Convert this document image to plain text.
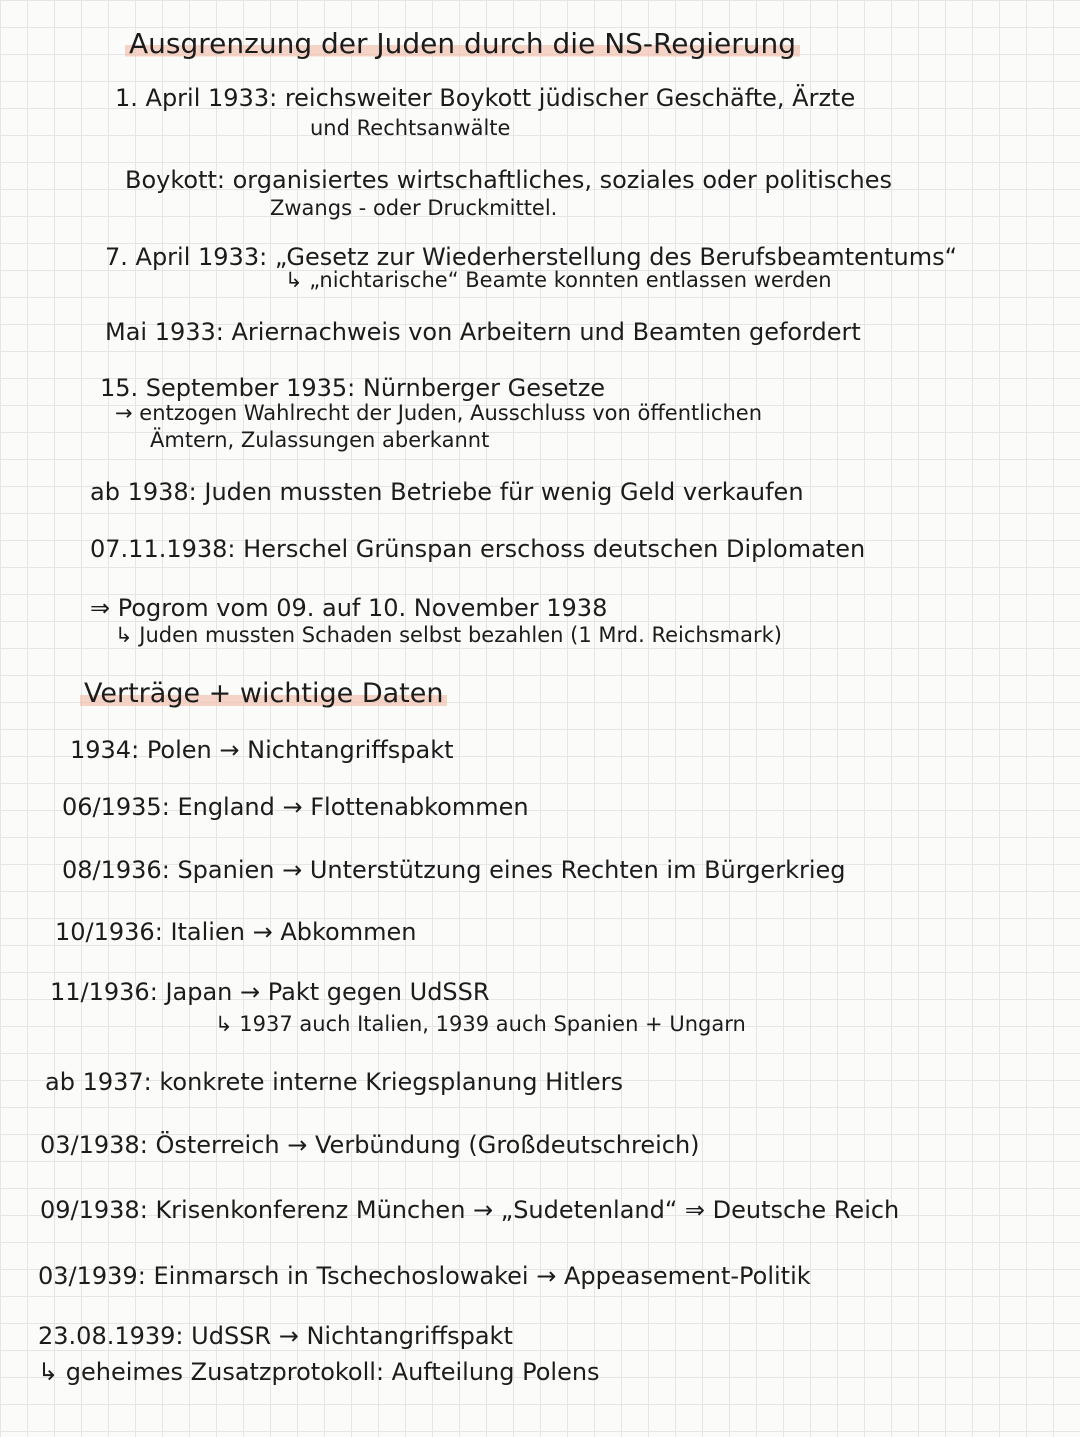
Ausgrenzung der Juden durch die NS-Regierung
1. April 1933: reichsweiter Boykott jüdischer Geschäfte, Ärzte
und Rechtsanwälte
Boykott: organisiertes wirtschaftliches, soziales oder politisches
Zwangs - oder Druckmittel.
7. April 1933: „Gesetz zur Wiederherstellung des Berufsbeamtentums“
↳ „nichtarische“ Beamte konnten entlassen werden
Mai 1933: Ariernachweis von Arbeitern und Beamten gefordert
15. September 1935: Nürnberger Gesetze
→ entzogen Wahlrecht der Juden, Ausschluss von öffentlichen
Ämtern, Zulassungen aberkannt
ab 1938: Juden mussten Betriebe für wenig Geld verkaufen
07.11.1938: Herschel Grünspan erschoss deutschen Diplomaten
⇒ Pogrom vom 09. auf 10. November 1938
↳ Juden mussten Schaden selbst bezahlen (1 Mrd. Reichsmark)
Verträge + wichtige Daten
1934: Polen → Nichtangriffspakt
06/1935: England → Flottenabkommen
08/1936: Spanien → Unterstützung eines Rechten im Bürgerkrieg
10/1936: Italien → Abkommen
11/1936: Japan → Pakt gegen UdSSR
↳ 1937 auch Italien, 1939 auch Spanien + Ungarn
ab 1937: konkrete interne Kriegsplanung Hitlers
03/1938: Österreich → Verbündung (Großdeutschreich)
09/1938: Krisenkonferenz München → „Sudetenland“ ⇒ Deutsche Reich
03/1939: Einmarsch in Tschechoslowakei → Appeasement-Politik
23.08.1939: UdSSR → Nichtangriffspakt
↳ geheimes Zusatzprotokoll: Aufteilung Polens
